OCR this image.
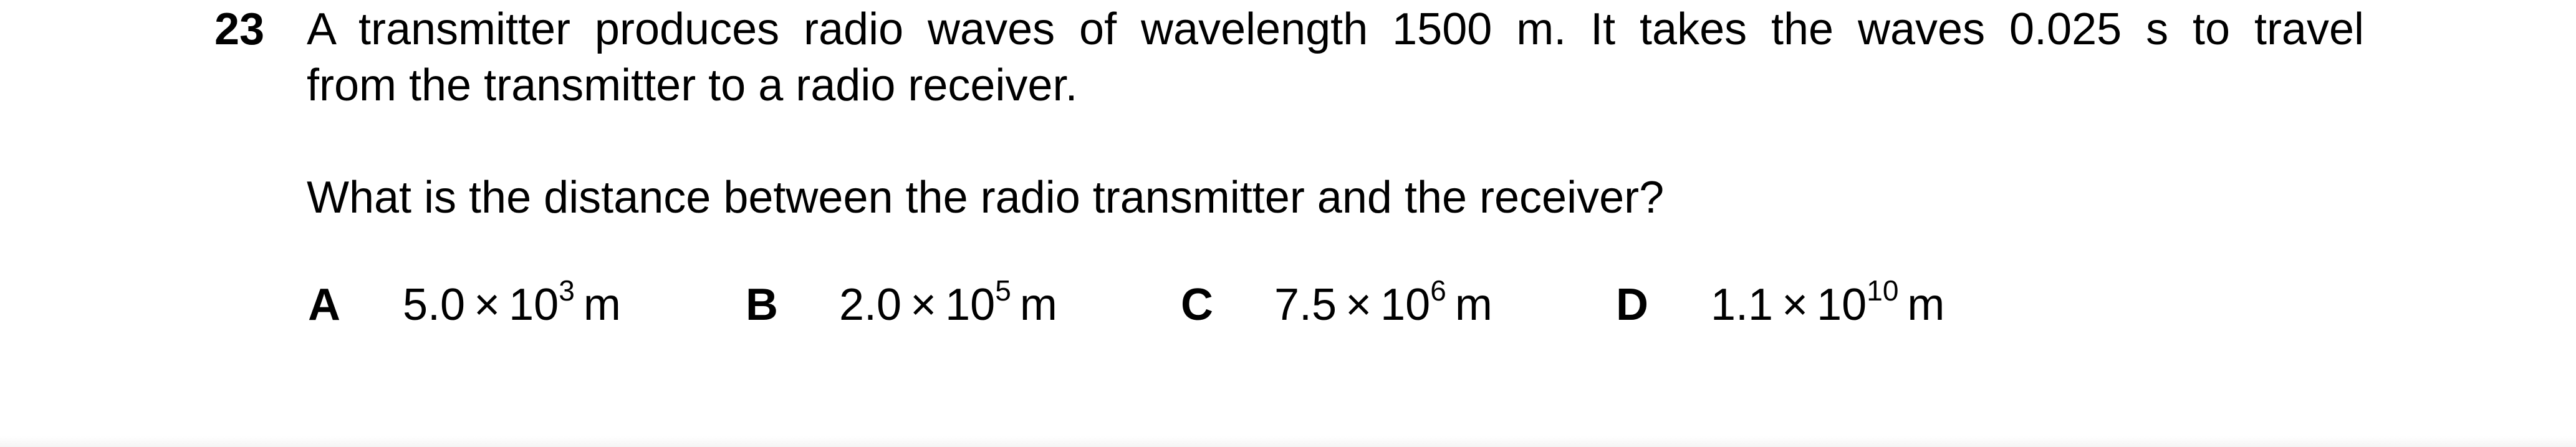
23 A transmitter produces radio waves of wavelength 1500 m. It takes the waves 0.025 s to travel
from the transmitter to a radio receiver.
What is the distance between the radio transmitter and the receiver?
A $5.0 \times 10^3$ m	B $2.0 \times 10^5$ m	C $7.5 \times 10^6$ m	D $1.1 \times 10^{10}$ m
